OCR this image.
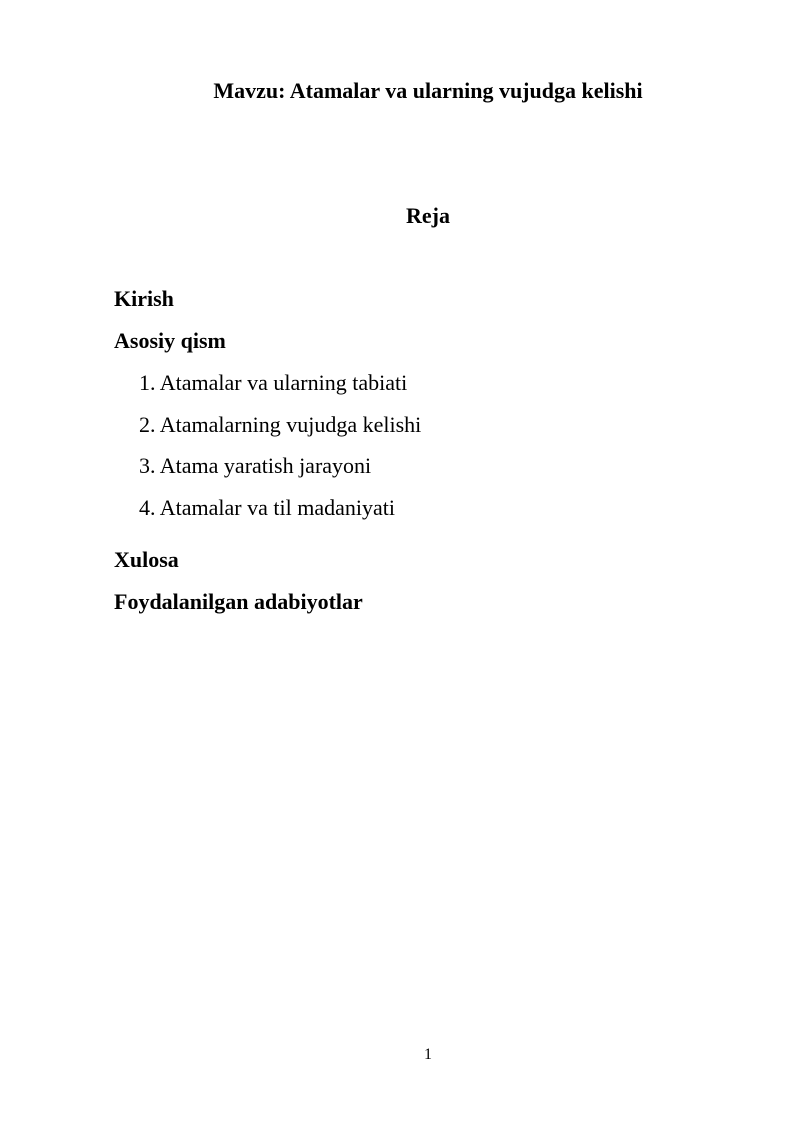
Mavzu: Atamalar va ularning vujudga kelishi
Reja
Kirish
Asosiy qism
1. Atamalar va ularning tabiati
2. Atamalarning vujudga kelishi
3. Atama yaratish jarayoni
4. Atamalar va til madaniyati
Xulosa
Foydalanilgan adabiyotlar
1
